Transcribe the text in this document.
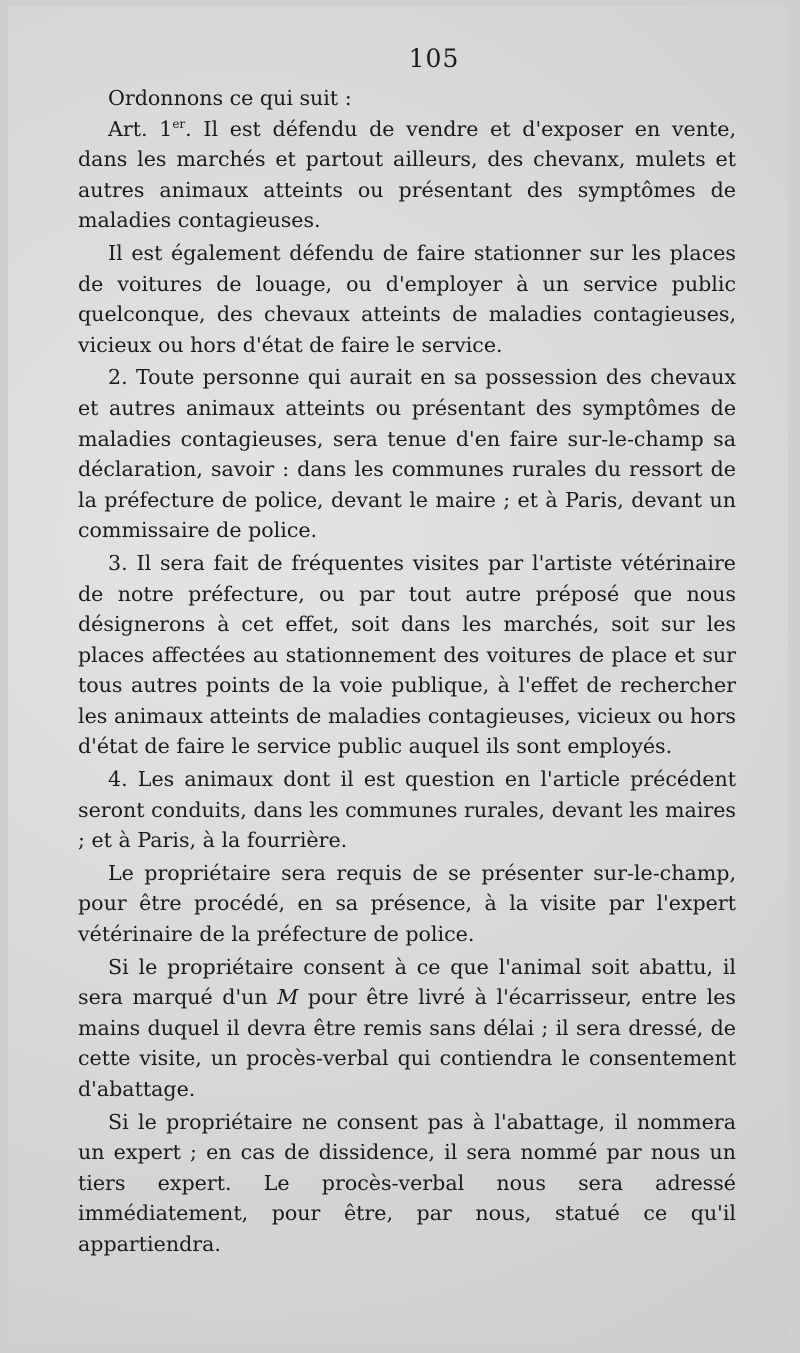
105

Ordonnons ce qui suit :

Art. 1er. Il est défendu de vendre et d'exposer en vente, dans les marchés et partout ailleurs, des chevanx, mulets et autres animaux atteints ou présentant des symptômes de maladies contagieuses.

Il est également défendu de faire stationner sur les places de voitures de louage, ou d'employer à un service public quelconque, des chevaux atteints de maladies contagieuses, vicieux ou hors d'état de faire le service.

2. Toute personne qui aurait en sa possession des chevaux et autres animaux atteints ou présentant des symptômes de maladies contagieuses, sera tenue d'en faire sur-le-champ sa déclaration, savoir : dans les communes rurales du ressort de la préfecture de police, devant le maire ; et à Paris, devant un commissaire de police.

3. Il sera fait de fréquentes visites par l'artiste vétérinaire de notre préfecture, ou par tout autre préposé que nous désignerons à cet effet, soit dans les marchés, soit sur les places affectées au stationnement des voitures de place et sur tous autres points de la voie publique, à l'effet de rechercher les animaux atteints de maladies contagieuses, vicieux ou hors d'état de faire le service public auquel ils sont employés.

4. Les animaux dont il est question en l'article précédent seront conduits, dans les communes rurales, devant les maires ; et à Paris, à la fourrière.

Le propriétaire sera requis de se présenter sur-le-champ, pour être procédé, en sa présence, à la visite par l'expert vétérinaire de la préfecture de police.

Si le propriétaire consent à ce que l'animal soit abattu, il sera marqué d'un M pour être livré à l'écarrisseur, entre les mains duquel il devra être remis sans délai ; il sera dressé, de cette visite, un procès-verbal qui contiendra le consentement d'abattage.

Si le propriétaire ne consent pas à l'abattage, il nommera un expert ; en cas de dissidence, il sera nommé par nous un tiers expert. Le procès-verbal nous sera adressé immédiatement, pour être, par nous, statué ce qu'il appartiendra.
